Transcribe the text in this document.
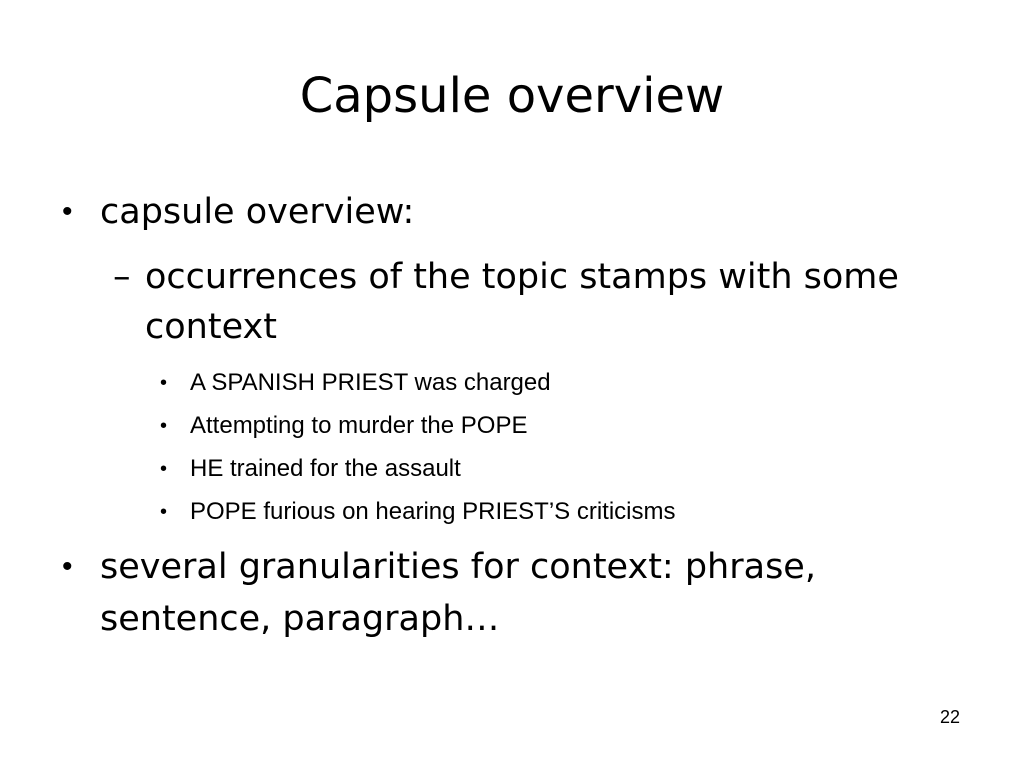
Capsule overview
• capsule overview:
– occurrences of the topic stamps with some context
• A SPANISH PRIEST was charged
• Attempting to murder the POPE
• HE trained for the assault
• POPE furious on hearing PRIEST’S criticisms
• several granularities for context: phrase, sentence, paragraph…
22
